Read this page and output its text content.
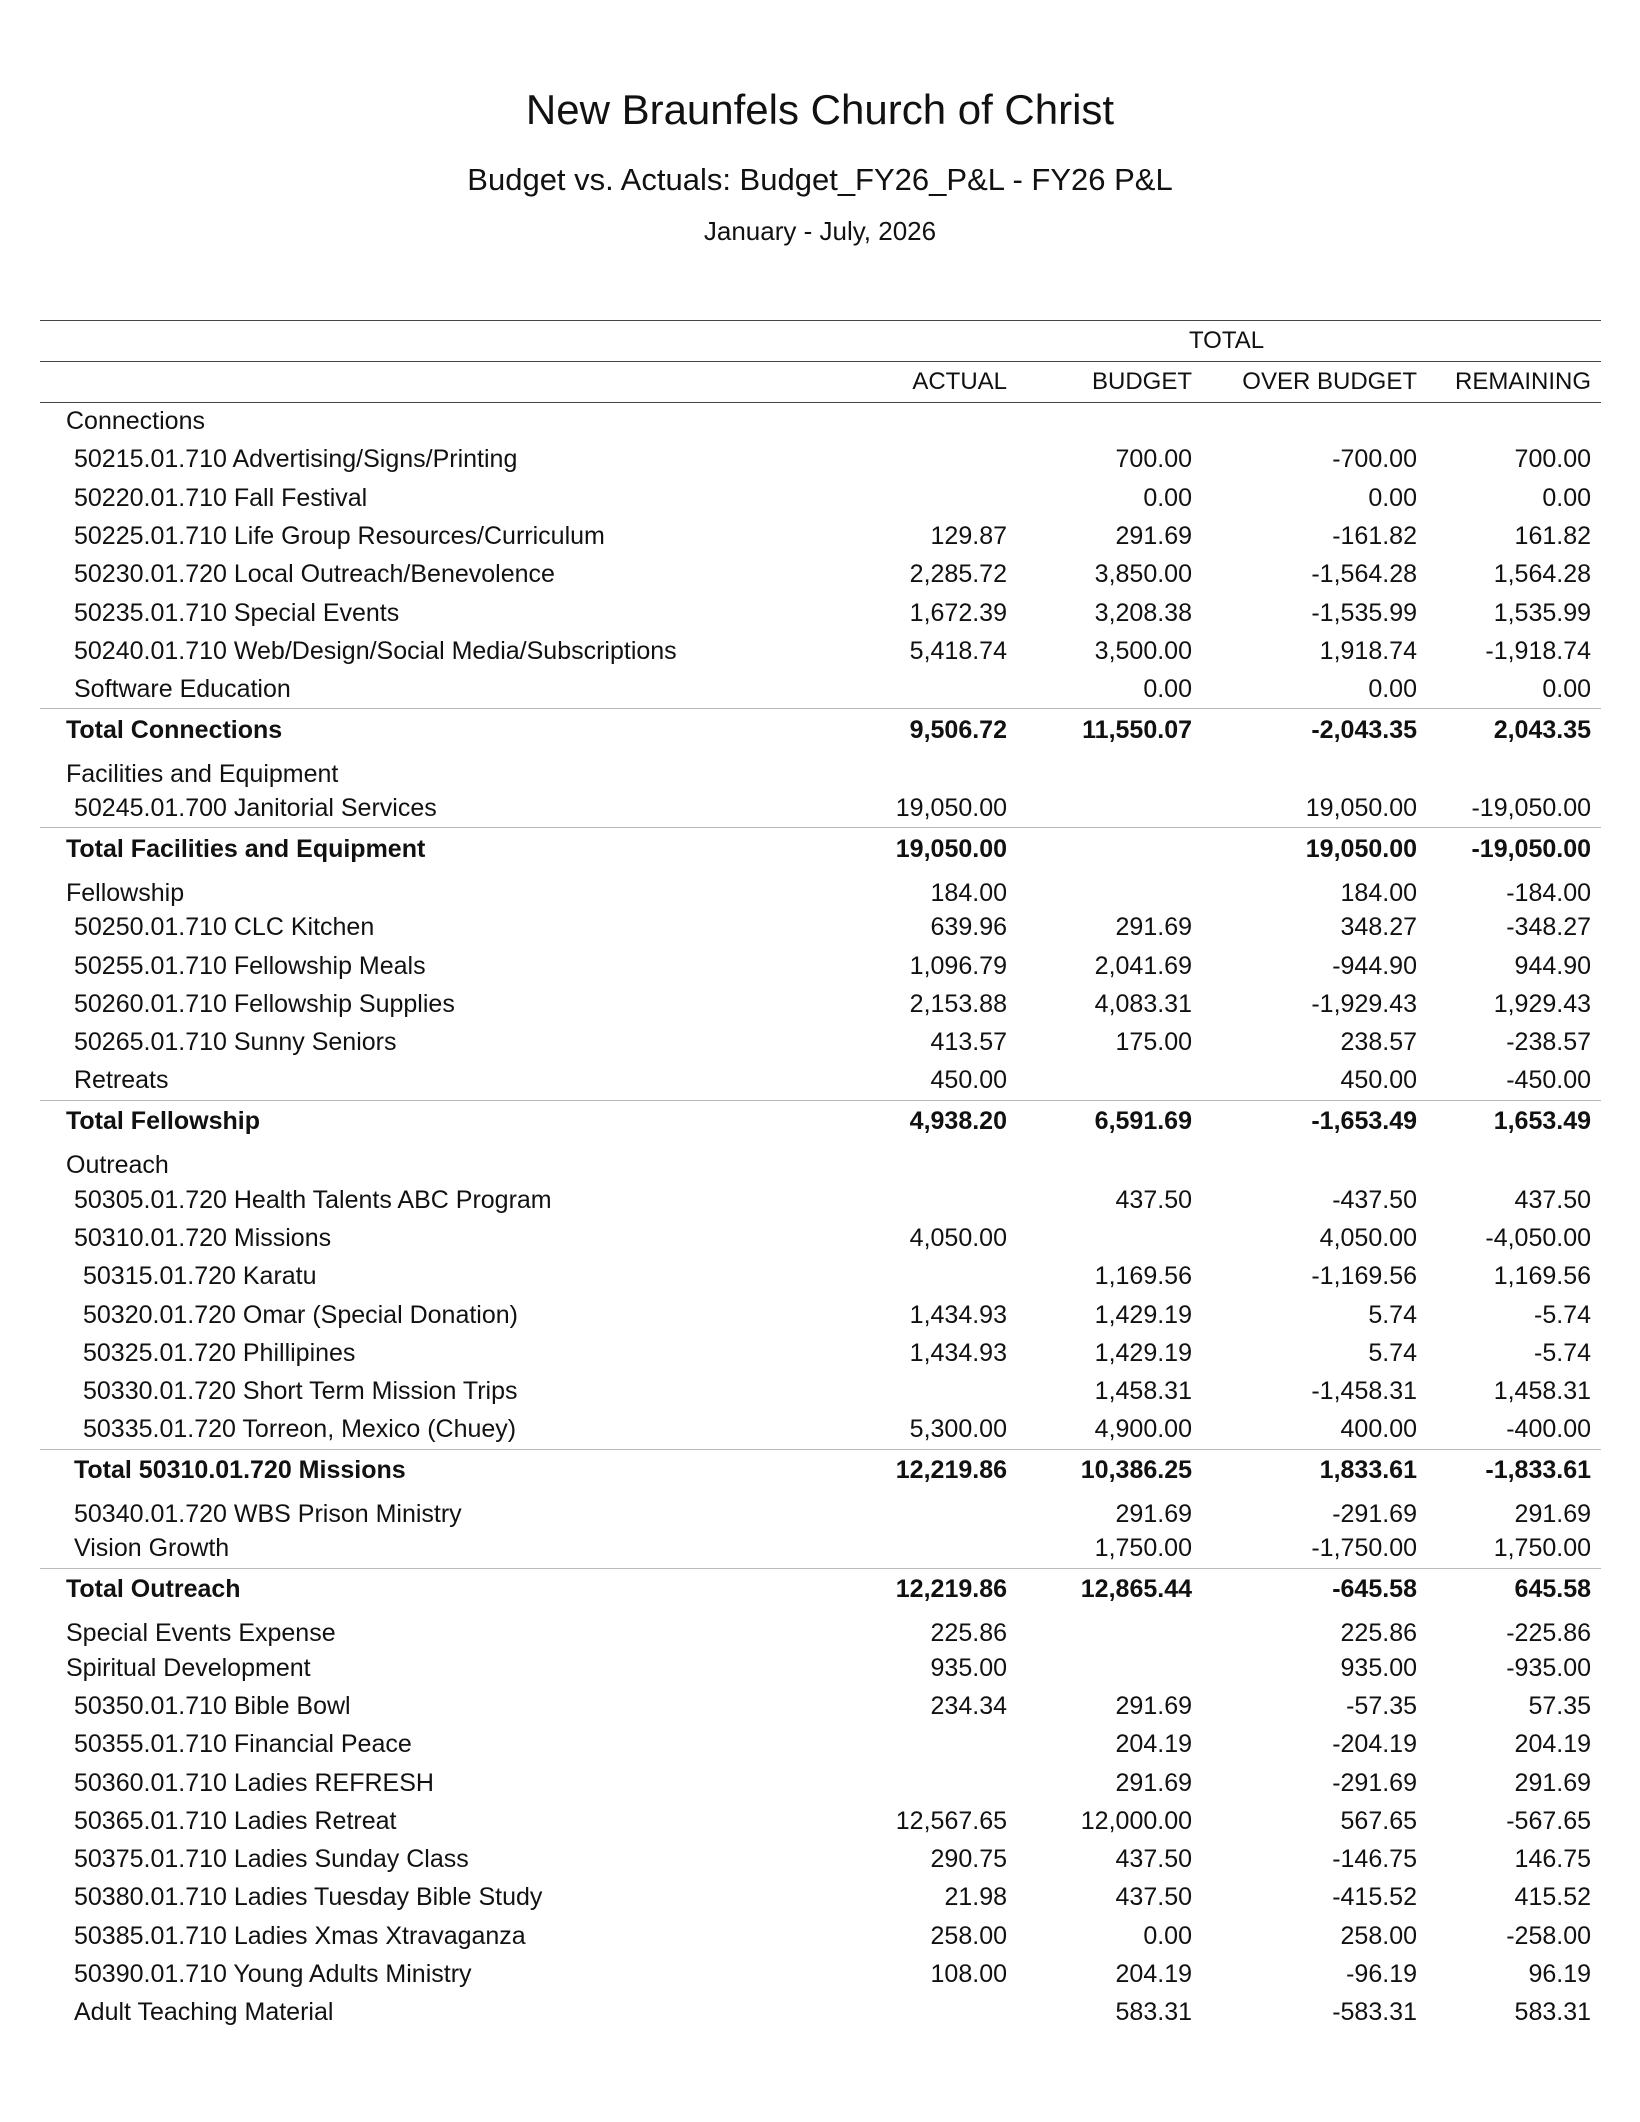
New Braunfels Church of Christ
Budget vs. Actuals: Budget_FY26_P&L - FY26 P&L
January - July, 2026
	TOTAL			
	ACTUAL	BUDGET	OVER BUDGET	REMAINING
Connections				
50215.01.710 Advertising/Signs/Printing		700.00	-700.00	700.00
50220.01.710 Fall Festival		0.00	0.00	0.00
50225.01.710 Life Group Resources/Curriculum	129.87	291.69	-161.82	161.82
50230.01.720 Local Outreach/Benevolence	2,285.72	3,850.00	-1,564.28	1,564.28
50235.01.710 Special Events	1,672.39	3,208.38	-1,535.99	1,535.99
50240.01.710 Web/Design/Social Media/Subscriptions	5,418.74	3,500.00	1,918.74	-1,918.74
Software Education		0.00	0.00	0.00
Total Connections	9,506.72	11,550.07	-2,043.35	2,043.35
Facilities and Equipment				
50245.01.700 Janitorial Services	19,050.00		19,050.00	-19,050.00
Total Facilities and Equipment	19,050.00		19,050.00	-19,050.00
Fellowship	184.00		184.00	-184.00
50250.01.710 CLC Kitchen	639.96	291.69	348.27	-348.27
50255.01.710 Fellowship Meals	1,096.79	2,041.69	-944.90	944.90
50260.01.710 Fellowship Supplies	2,153.88	4,083.31	-1,929.43	1,929.43
50265.01.710 Sunny Seniors	413.57	175.00	238.57	-238.57
Retreats	450.00		450.00	-450.00
Total Fellowship	4,938.20	6,591.69	-1,653.49	1,653.49
Outreach				
50305.01.720 Health Talents ABC Program		437.50	-437.50	437.50
50310.01.720 Missions	4,050.00		4,050.00	-4,050.00
50315.01.720 Karatu		1,169.56	-1,169.56	1,169.56
50320.01.720 Omar (Special Donation)	1,434.93	1,429.19	5.74	-5.74
50325.01.720 Phillipines	1,434.93	1,429.19	5.74	-5.74
50330.01.720 Short Term Mission Trips		1,458.31	-1,458.31	1,458.31
50335.01.720 Torreon, Mexico (Chuey)	5,300.00	4,900.00	400.00	-400.00
Total 50310.01.720 Missions	12,219.86	10,386.25	1,833.61	-1,833.61
50340.01.720 WBS Prison Ministry		291.69	-291.69	291.69
Vision Growth		1,750.00	-1,750.00	1,750.00
Total Outreach	12,219.86	12,865.44	-645.58	645.58
Special Events Expense	225.86		225.86	-225.86
Spiritual Development	935.00		935.00	-935.00
50350.01.710 Bible Bowl	234.34	291.69	-57.35	57.35
50355.01.710 Financial Peace		204.19	-204.19	204.19
50360.01.710 Ladies REFRESH		291.69	-291.69	291.69
50365.01.710 Ladies Retreat	12,567.65	12,000.00	567.65	-567.65
50375.01.710 Ladies Sunday Class	290.75	437.50	-146.75	146.75
50380.01.710 Ladies Tuesday Bible Study	21.98	437.50	-415.52	415.52
50385.01.710 Ladies Xmas Xtravaganza	258.00	0.00	258.00	-258.00
50390.01.710 Young Adults Ministry	108.00	204.19	-96.19	96.19
Adult Teaching Material		583.31	-583.31	583.31
